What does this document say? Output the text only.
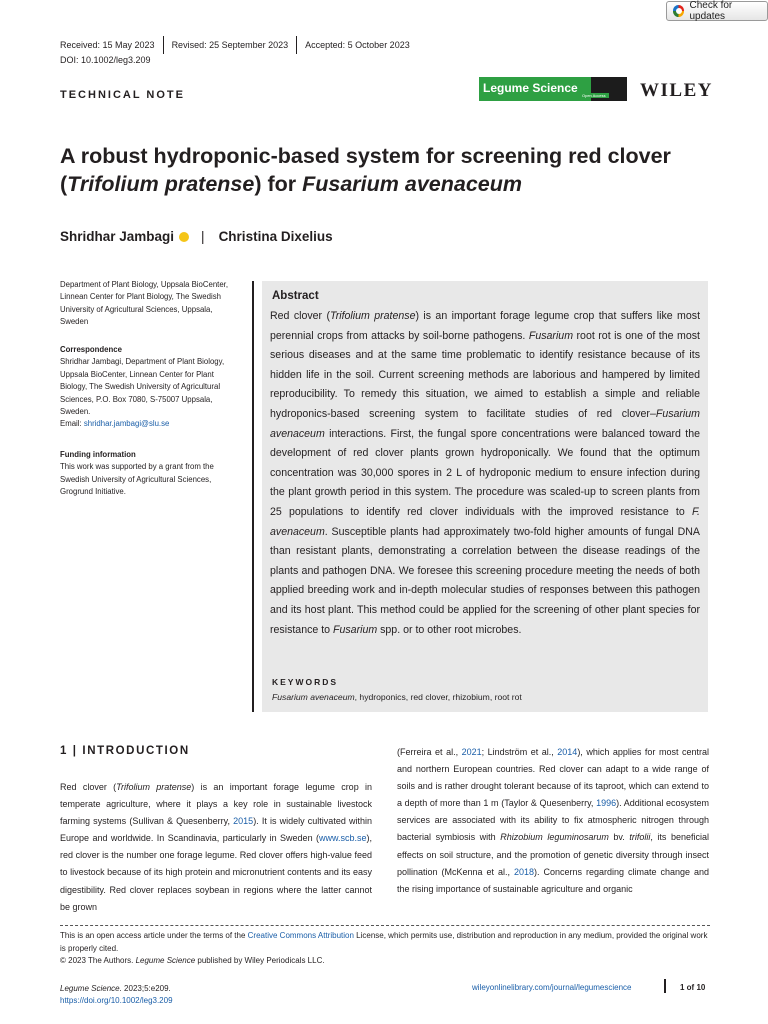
Check for updates
Received: 15 May 2023 Revised: 25 September 2023 Accepted: 5 October 2023
DOI: 10.1002/leg3.209
TECHNICAL NOTE	Legume Science
Open Access WILEY
A robust hydroponic-based system for screening red clover (Trifolium pratense) for Fusarium avenaceum
Shridhar Jambagi | Christina Dixelius
Department of Plant Biology, Uppsala BioCenter, Linnean Center for Plant Biology, The Swedish University of Agricultural Sciences, Uppsala, Sweden
Correspondence
Shridhar Jambagi, Department of Plant Biology, Uppsala BioCenter, Linnean Center for Plant Biology, The Swedish University of Agricultural Sciences, P.O. Box 7080, S-75007 Uppsala, Sweden.
Email: shridhar.jambagi@slu.se
Funding information
This work was supported by a grant from the Swedish University of Agricultural Sciences, Grogrund Initiative.
Abstract
Red clover (Trifolium pratense) is an important forage legume crop that suffers like most perennial crops from attacks by soil-borne pathogens. Fusarium root rot is one of the most serious diseases and at the same time problematic to identify resistance because of its hidden life in the soil. Current screening methods are laborious and hampered by limited reproducibility. To remedy this situation, we aimed to establish a simple and reliable hydroponics-based screening system to facilitate studies of red clover–Fusarium avenaceum interactions. First, the fungal spore concentrations were balanced toward the development of red clover plants grown hydroponically. We found that the optimum concentration was 30,000 spores in 2 L of hydroponic medium to ensure infection during the plant growth period in this system. The procedure was scaled-up to screen plants from 25 populations to identify red clover individuals with the improved resistance to F. avenaceum. Susceptible plants had approximately two-fold higher amounts of fungal DNA than resistant plants, demonstrating a correlation between the disease readings of the plants and pathogen DNA. We foresee this screening procedure meeting the needs of both applied breeding work and in-depth molecular studies of responses between this pathogen and its host plant. This method could be applied for the screening of other plant species for resistance to Fusarium spp. or to other root microbes.
KEYWORDS
Fusarium avenaceum, hydroponics, red clover, rhizobium, root rot
1 | INTRODUCTION
Red clover (Trifolium pratense) is an important forage legume crop in temperate agriculture, where it plays a key role in sustainable livestock farming systems (Sullivan & Quesenberry, 2015). It is widely cultivated within Europe and worldwide. In Scandinavia, particularly in Sweden (www.scb.se), red clover is the number one forage legume. Red clover offers high-value feed to livestock because of its high protein and micronutrient contents and its easy digestibility. Red clover replaces soybean in regions where the latter cannot be grown
(Ferreira et al., 2021; Lindström et al., 2014), which applies for most central and northern European countries. Red clover can adapt to a wide range of soils and is rather drought tolerant because of its taproot, which can extend to a depth of more than 1 m (Taylor & Quesenberry, 1996). Additional ecosystem services are associated with its ability to fix atmospheric nitrogen through bacterial symbiosis with Rhizobium leguminosarum bv. trifolii, its beneficial effects on soil structure, and the promotion of genetic diversity through insect pollination (McKenna et al., 2018). Concerns regarding climate change and the rising importance of sustainable agriculture and organic
This is an open access article under the terms of the Creative Commons Attribution License, which permits use, distribution and reproduction in any medium, provided the original work is properly cited.
© 2023 The Authors. Legume Science published by Wiley Periodicals LLC.
Legume Science. 2023;5:e209.
https://doi.org/10.1002/leg3.209
wileyonlinelibrary.com/journal/legumescience	1 of 10
